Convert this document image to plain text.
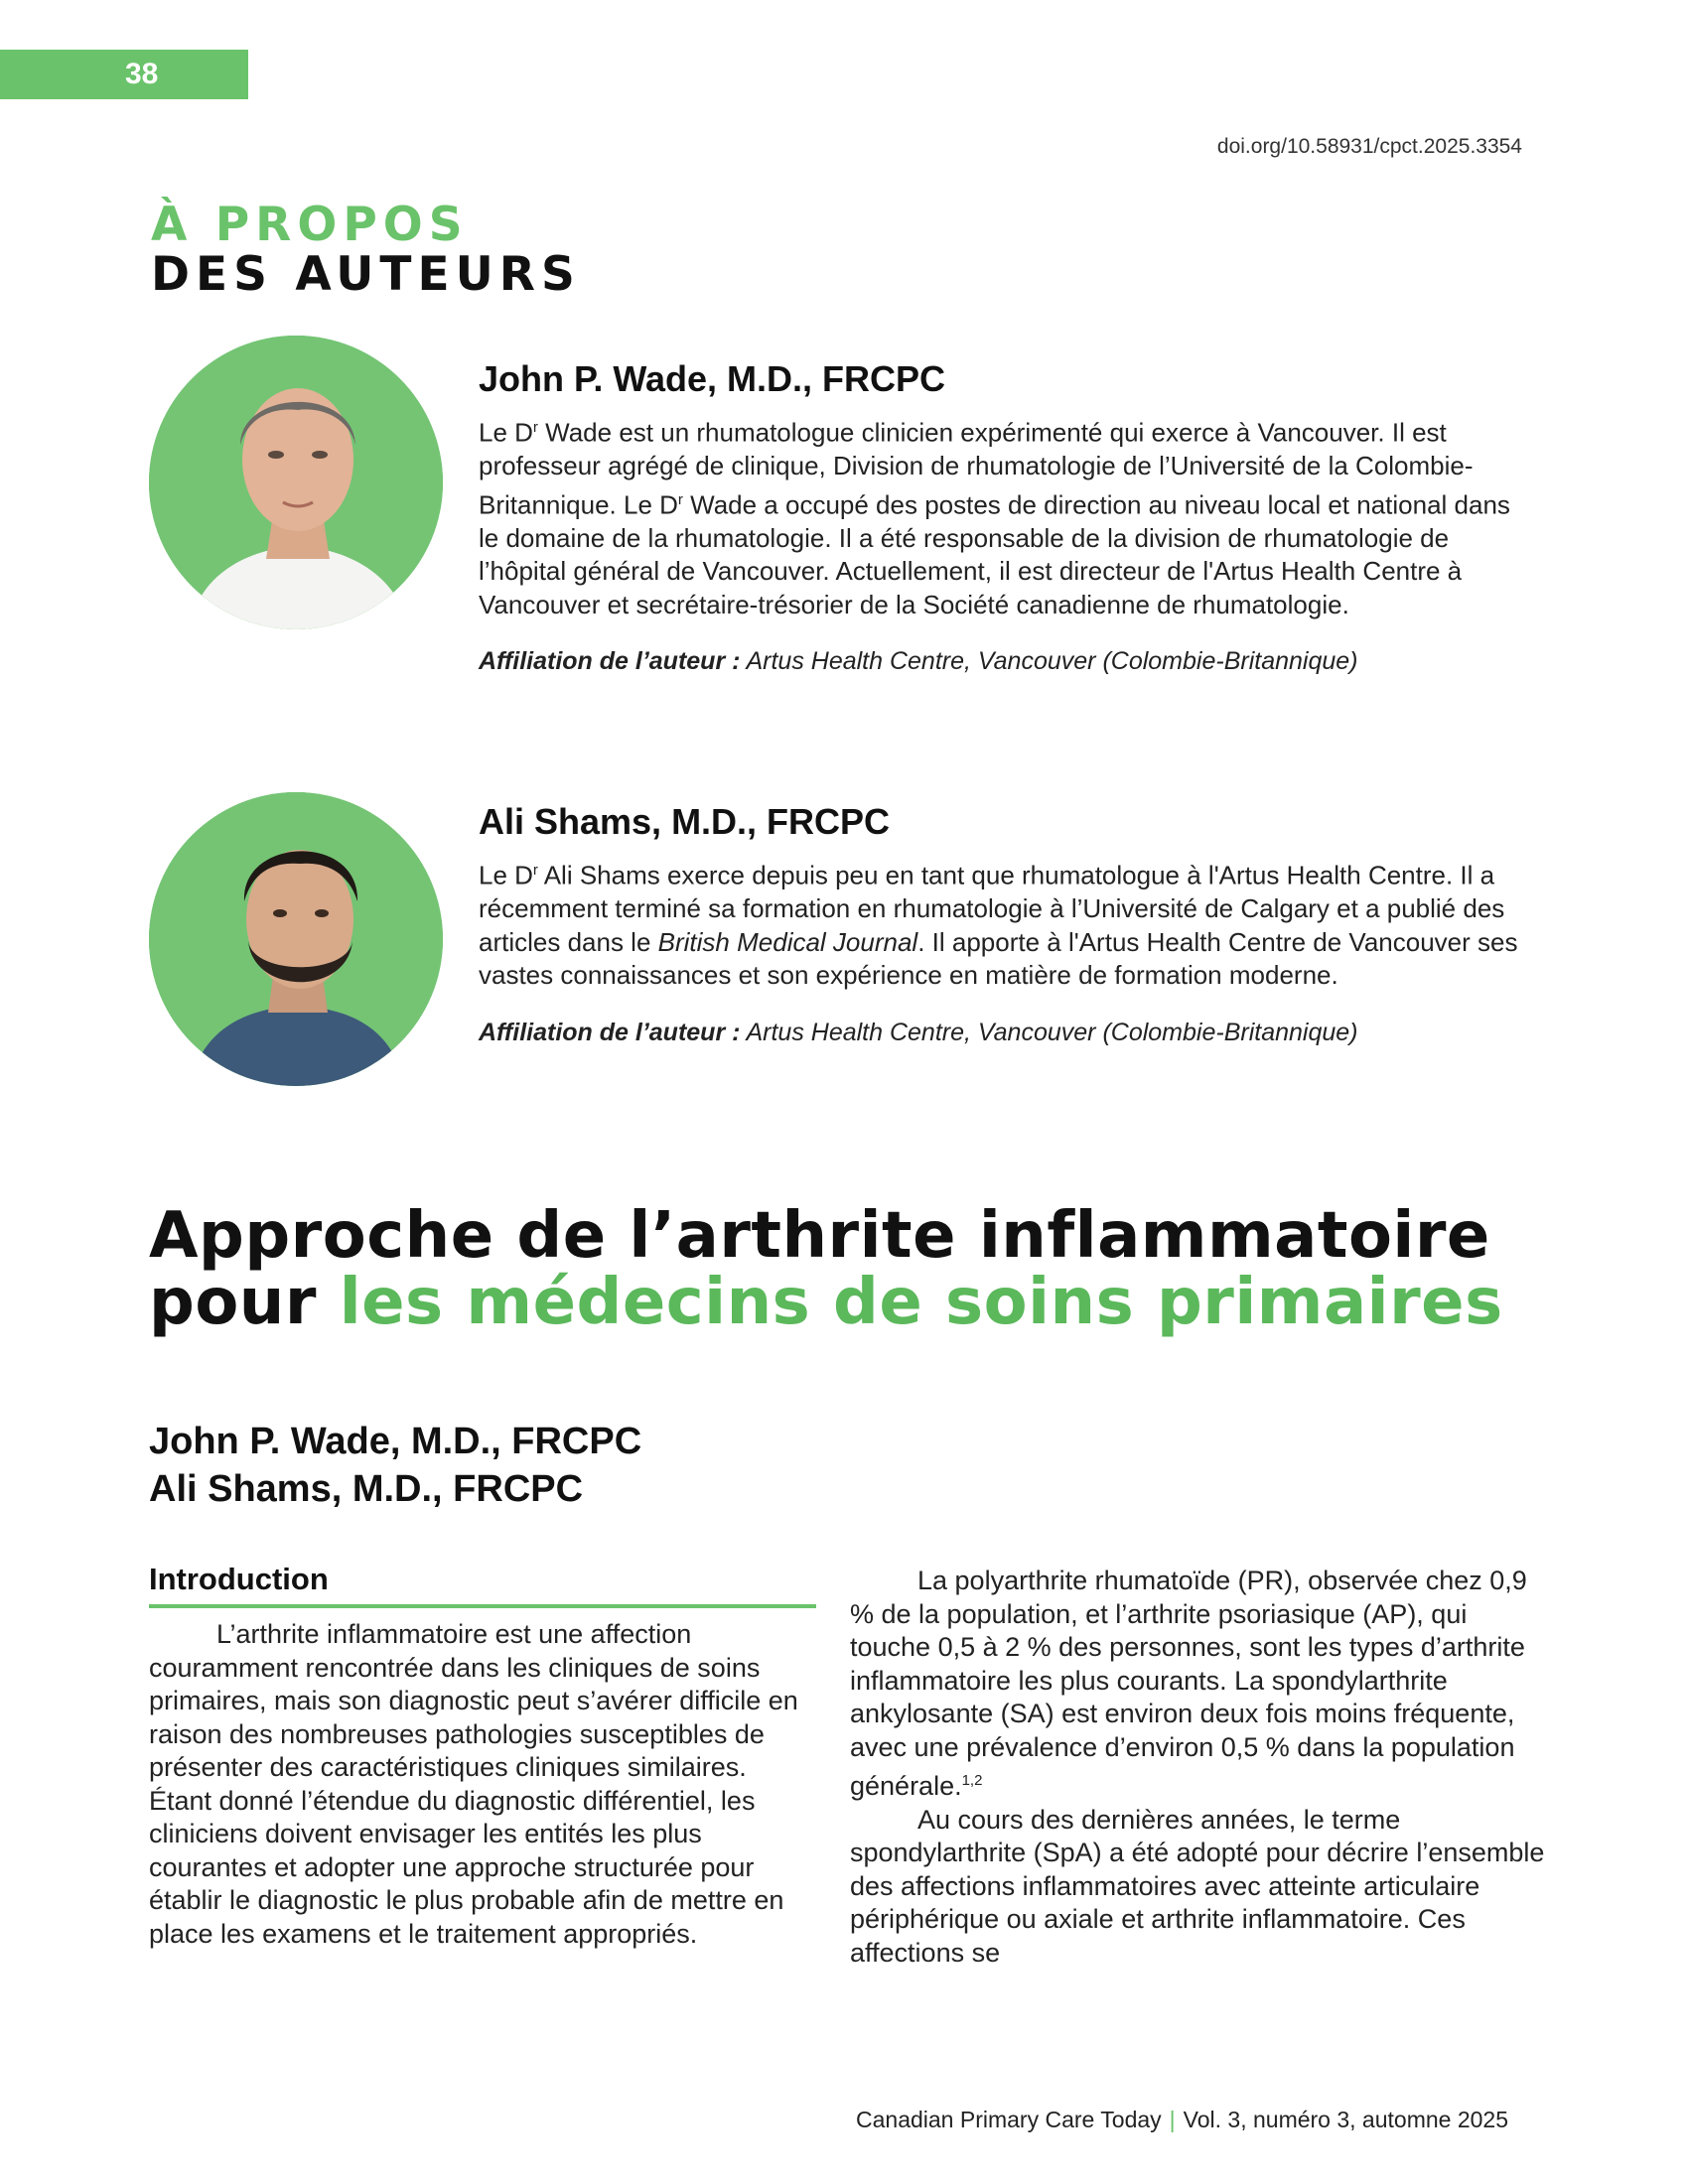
38
doi.org/10.58931/cpct.2025.3354
À PROPOS
DES AUTEURS
John P. Wade, M.D., FRCPC

Le $D^r$ Wade est un rhumatologue clinicien expérimenté qui exerce à Vancouver. Il est professeur agrégé de clinique, Division de rhumatologie de l’Université de la Colombie-Britannique. Le $D^r$ Wade a occupé des postes de direction au niveau local et national dans le domaine de la rhumatologie. Il a été responsable de la division de rhumatologie de l’hôpital général de Vancouver. Actuellement, il est directeur de l'Artus Health Centre à Vancouver et secrétaire-trésorier de la Société canadienne de rhumatologie.

Affiliation de l’auteur : Artus Health Centre, Vancouver (Colombie-Britannique)

Ali Shams, M.D., FRCPC

Le $D^r$ Ali Shams exerce depuis peu en tant que rhumatologue à l'Artus Health Centre. Il a récemment terminé sa formation en rhumatologie à l’Université de Calgary et a publié des articles dans le British Medical Journal. Il apporte à l'Artus Health Centre de Vancouver ses vastes connaissances et son expérience en matière de formation moderne.

Affiliation de l’auteur : Artus Health Centre, Vancouver (Colombie-Britannique)

Approche de l’arthrite inflammatoire pour les médecins de soins primaires
John P. Wade, M.D., FRCPC
Ali Shams, M.D., FRCPC
Introduction

L’arthrite inflammatoire est une affection couramment rencontrée dans les cliniques de soins primaires, mais son diagnostic peut s’avérer difficile en raison des nombreuses pathologies susceptibles de présenter des caractéristiques cliniques similaires. Étant donné l’étendue du diagnostic différentiel, les cliniciens doivent envisager les entités les plus courantes et adopter une approche structurée pour établir le diagnostic le plus probable afin de mettre en place les examens et le traitement appropriés.

La polyarthrite rhumatoïde (PR), observée chez 0,9 % de la population, et l’arthrite psoriasique (AP), qui touche 0,5 à 2 % des personnes, sont les types d’arthrite inflammatoire les plus courants. La spondylarthrite ankylosante (SA) est environ deux fois moins fréquente, avec une prévalence d’environ 0,5 % dans la population générale.$^{1,2}$

Au cours des dernières années, le terme spondylarthrite (SpA) a été adopté pour décrire l’ensemble des affections inflammatoires avec atteinte articulaire périphérique ou axiale et arthrite inflammatoire. Ces affections se

Canadian Primary Care Today | Vol. 3, numéro 3, automne 2025
